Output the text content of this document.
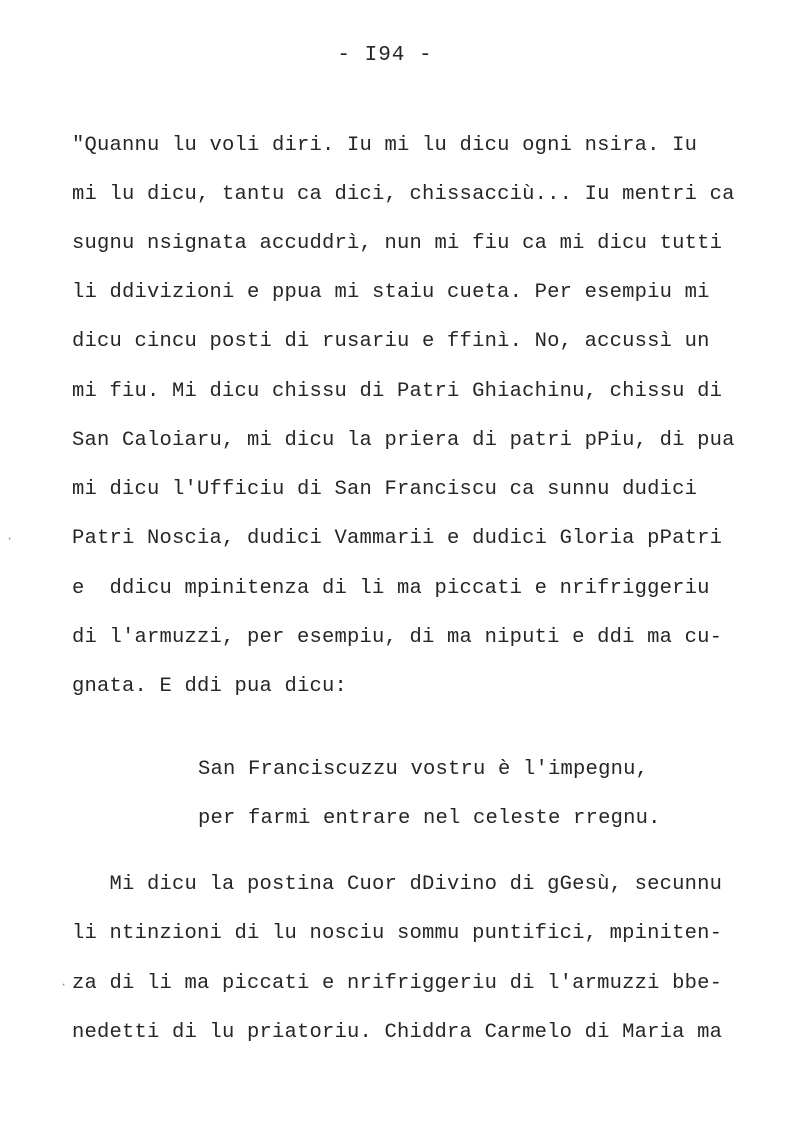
- I94 -
"Quannu lu voli diri. Iu mi lu dicu ogni nsira. Iu
mi lu dicu, tantu ca dici, chissacciù... Iu mentri ca
sugnu nsignata accuddrì, nun mi fiu ca mi dicu tutti
li ddivizioni e ppua mi staiu cueta. Per esempiu mi
dicu cincu posti di rusariu e ffinì. No, accussì un
mi fiu. Mi dicu chissu di Patri Ghiachinu, chissu di
San Caloiaru, mi dicu la priera di patri pPiu, di pua
mi dicu l'Ufficiu di San Franciscu ca sunnu dudici
Patri Noscia, dudici Vammarii e dudici Gloria pPatri
e  ddicu mpinitenza di li ma piccati e nrifriggeriu
di l'armuzzi, per esempiu, di ma niputi e ddi ma cu-
gnata. E ddi pua dicu:
San Franciscuzzu vostru è l'impegnu,
per farmi entrare nel celeste rregnu.
Mi dicu la postina Cuor dDivino di gGesù, secunnu
li ntinzioni di lu nosciu sommu puntifici, mpiniten-
za di li ma piccati e nrifriggeriu di l'armuzzi bbe-
nedetti di lu priatoriu. Chiddra Carmelo di Maria ma
·
·
